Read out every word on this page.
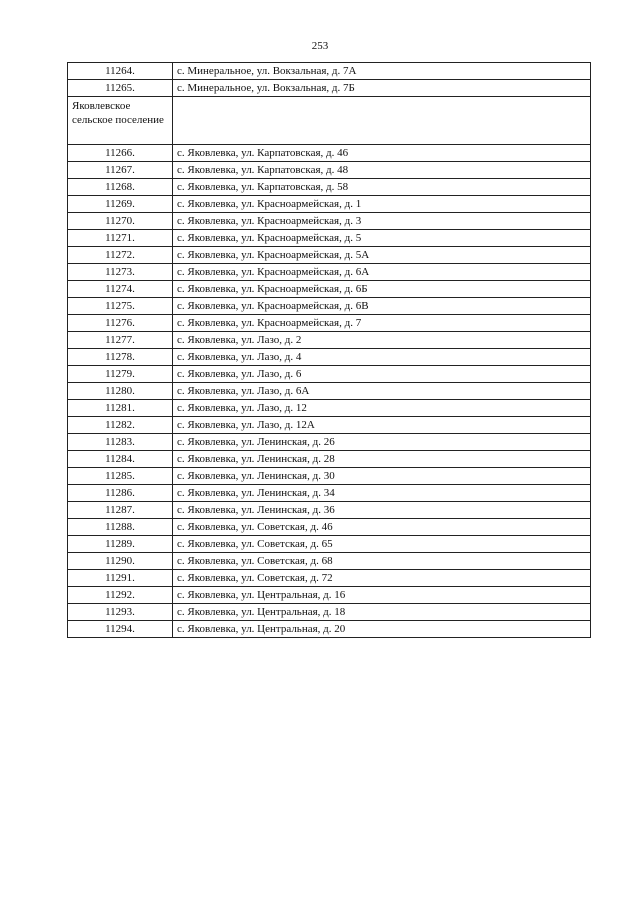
253
11264.	с. Минеральное, ул. Вокзальная, д. 7А
11265.	с. Минеральное, ул. Вокзальная, д. 7Б
Яковлевское сельское поселение	
11266.	с. Яковлевка, ул. Карпатовская, д. 46
11267.	с. Яковлевка, ул. Карпатовская, д. 48
11268.	с. Яковлевка, ул. Карпатовская, д. 58
11269.	с. Яковлевка, ул. Красноармейская, д. 1
11270.	с. Яковлевка, ул. Красноармейская, д. 3
11271.	с. Яковлевка, ул. Красноармейская, д. 5
11272.	с. Яковлевка, ул. Красноармейская, д. 5А
11273.	с. Яковлевка, ул. Красноармейская, д. 6А
11274.	с. Яковлевка, ул. Красноармейская, д. 6Б
11275.	с. Яковлевка, ул. Красноармейская, д. 6В
11276.	с. Яковлевка, ул. Красноармейская, д. 7
11277.	с. Яковлевка, ул. Лазо, д. 2
11278.	с. Яковлевка, ул. Лазо, д. 4
11279.	с. Яковлевка, ул. Лазо, д. 6
11280.	с. Яковлевка, ул. Лазо, д. 6А
11281.	с. Яковлевка, ул. Лазо, д. 12
11282.	с. Яковлевка, ул. Лазо, д. 12А
11283.	с. Яковлевка, ул. Ленинская, д. 26
11284.	с. Яковлевка, ул. Ленинская, д. 28
11285.	с. Яковлевка, ул. Ленинская, д. 30
11286.	с. Яковлевка, ул. Ленинская, д. 34
11287.	с. Яковлевка, ул. Ленинская, д. 36
11288.	с. Яковлевка, ул. Советская, д. 46
11289.	с. Яковлевка, ул. Советская, д. 65
11290.	с. Яковлевка, ул. Советская, д. 68
11291.	с. Яковлевка, ул. Советская, д. 72
11292.	с. Яковлевка, ул. Центральная, д. 16
11293.	с. Яковлевка, ул. Центральная, д. 18
11294.	с. Яковлевка, ул. Центральная, д. 20
